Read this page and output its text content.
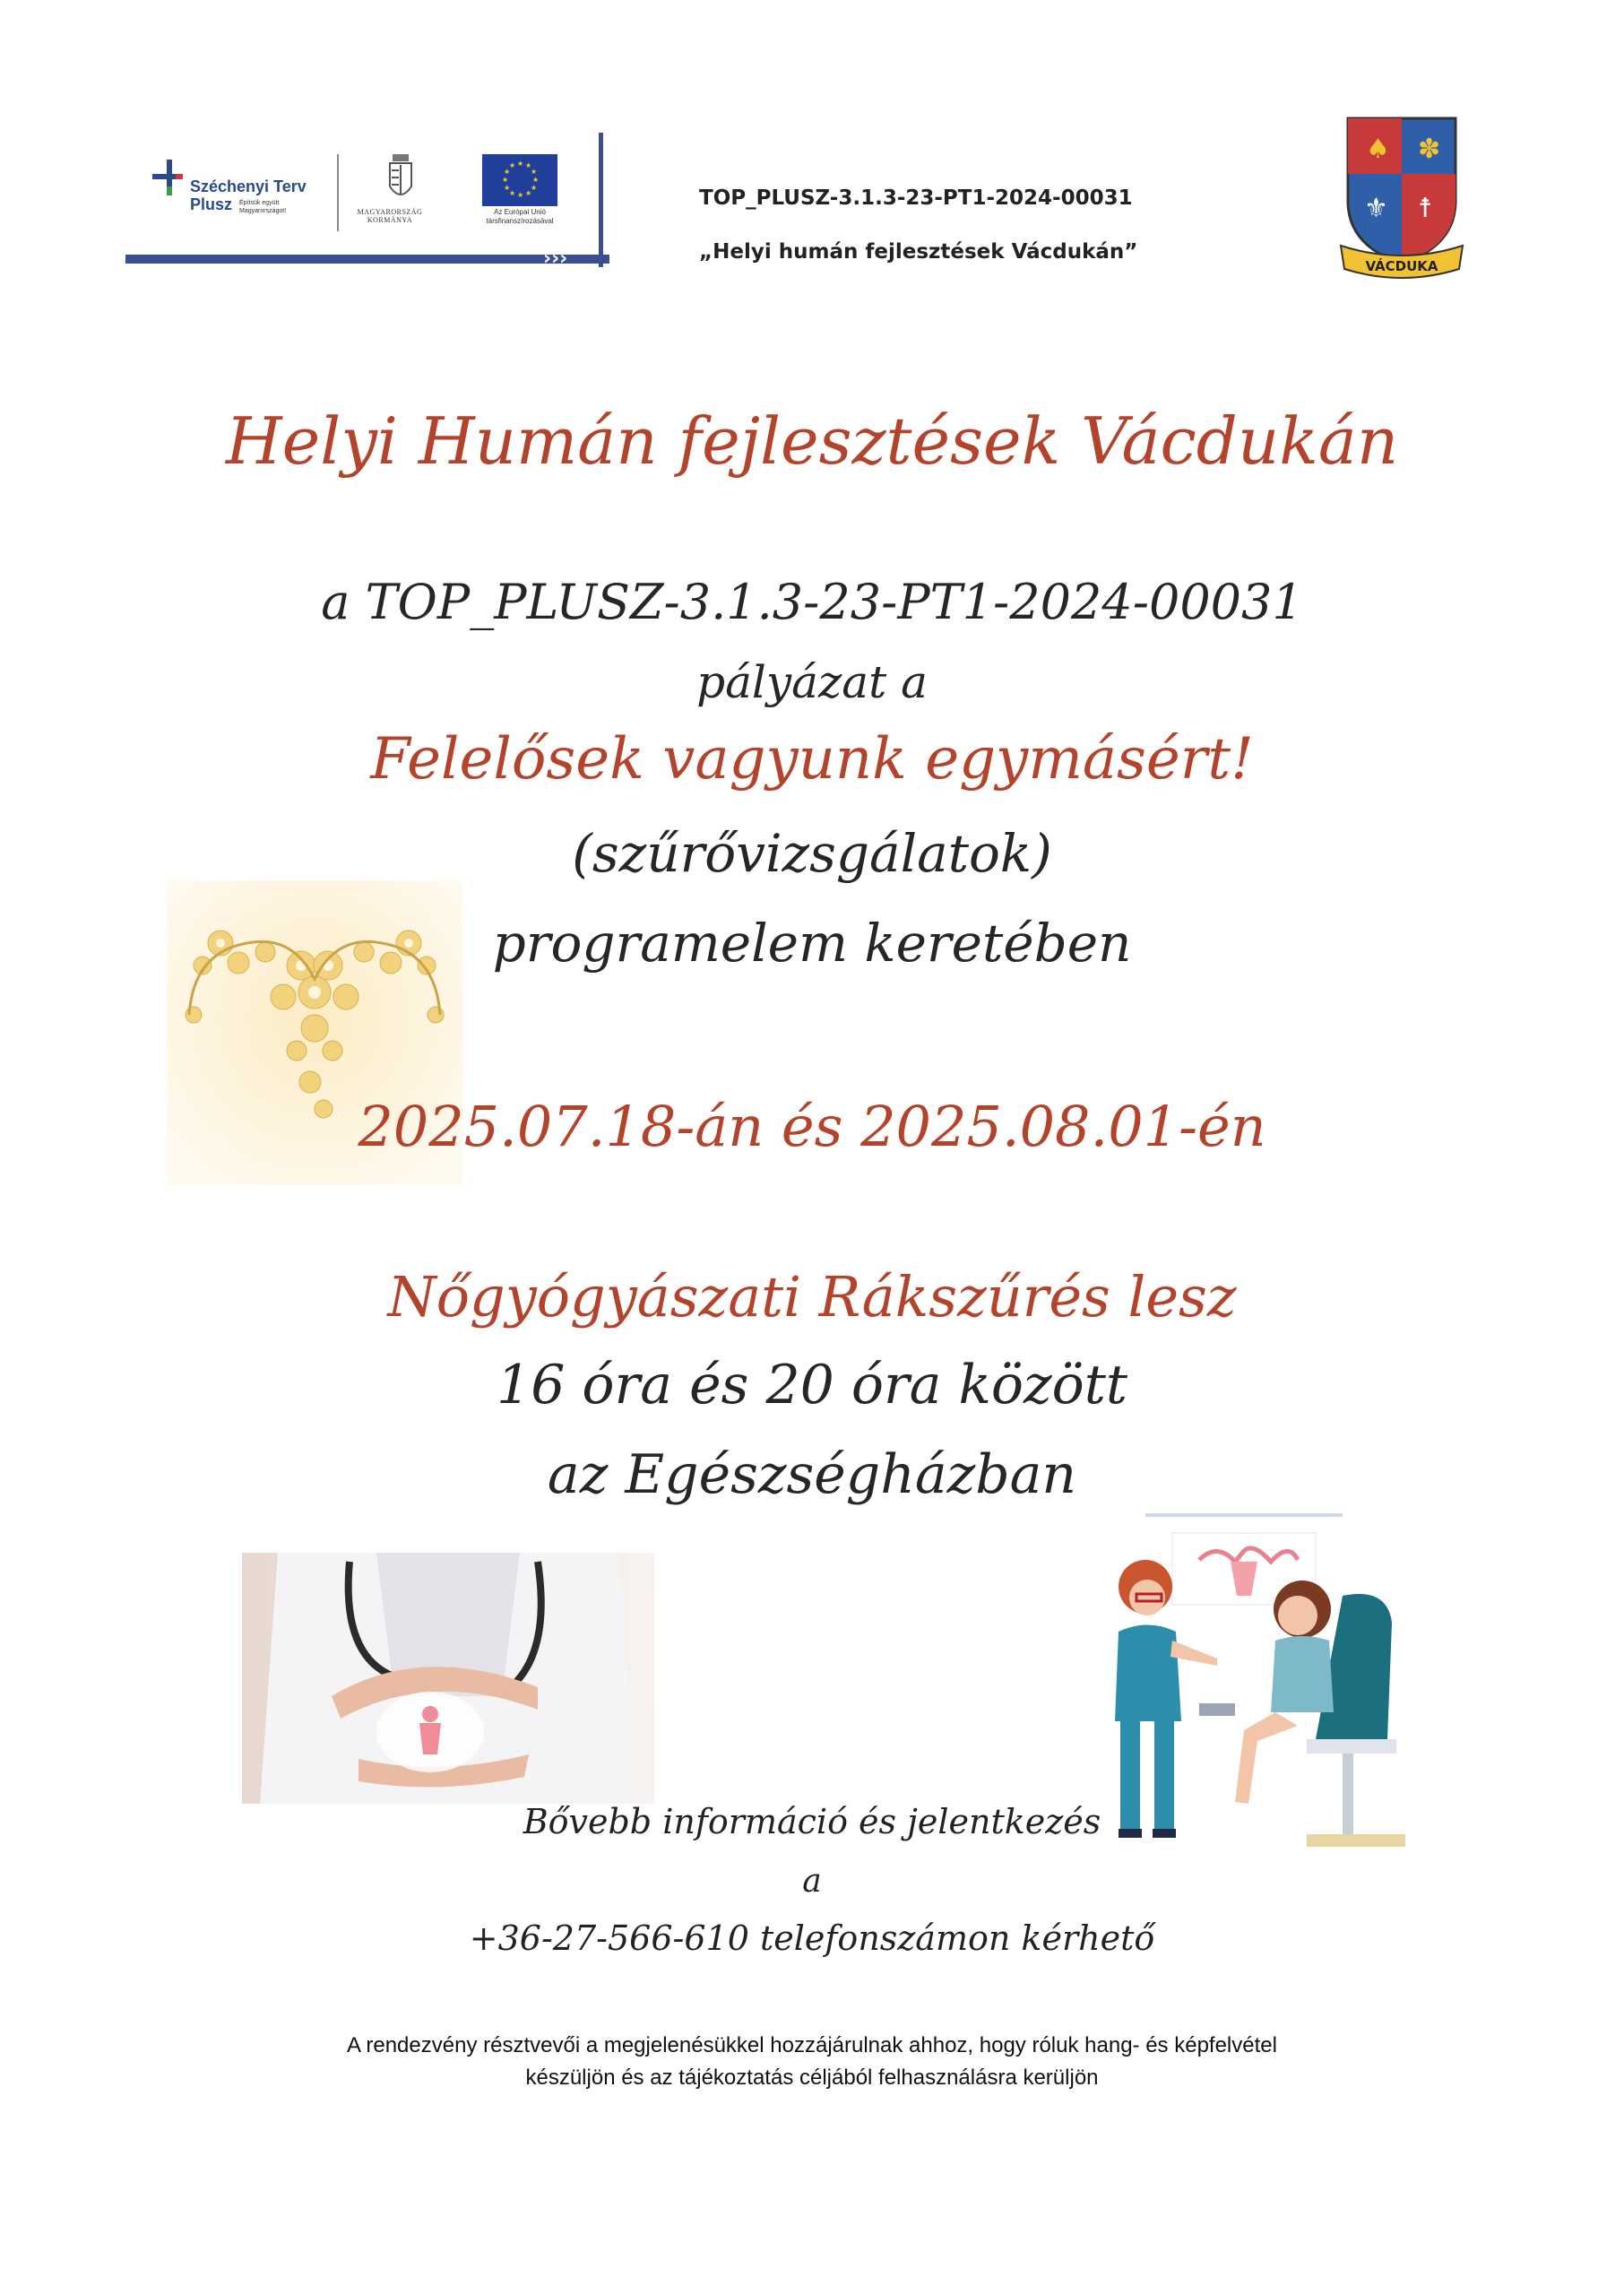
›››
Széchenyi Terv
Plusz	Építsük együtt Magyarországot!	MAGYARORSZÁG
KORMÁNYA
★ ★
★
★
★
★
★
★
★
★
★
★
Az Európai Unió
társfinanszírozásával
TOP_PLUSZ-3.1.3-23-PT1-2024-00031
„Helyi humán fejlesztések Vácdukán”
♠ ✽
⚜ ☨
VÁCDUKA
Helyi Humán fejlesztések Vácdukán
a TOP_PLUSZ-3.1.3-23-PT1-2024-00031
pályázat a
Felelősek vagyunk egymásért!
(szűrővizsgálatok)
programelem keretében
2025.07.18-án és 2025.08.01-én
Nőgyógyászati Rákszűrés lesz
16 óra és 20 óra között
az Egészségházban
Bővebb információ és jelentkezés
a
+36-27-566-610 telefonszámon kérhető
A rendezvény résztvevői a megjelenésükkel hozzájárulnak ahhoz, hogy róluk hang- és képfelvétel
készüljön és az tájékoztatás céljából felhasználásra kerüljön
